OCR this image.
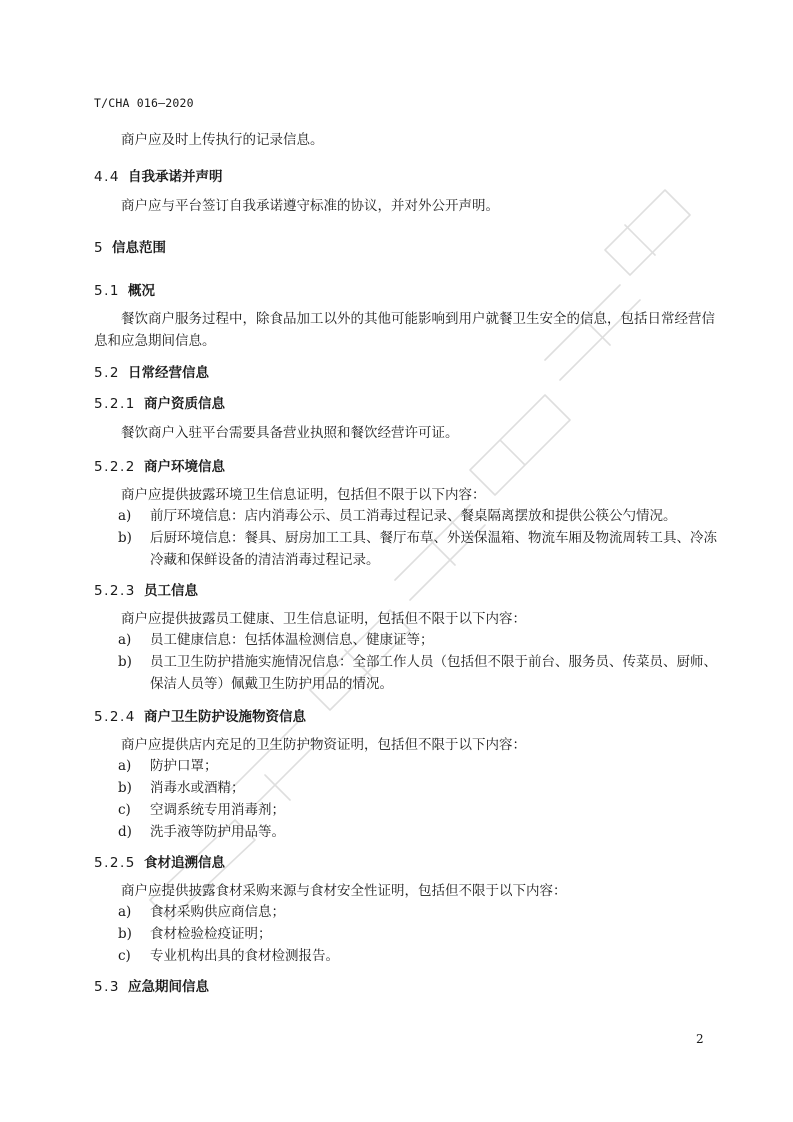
T/CHA 016—2020
商户应及时上传执行的记录信息。
4.4 自我承诺并声明
商户应与平台签订自我承诺遵守标准的协议，并对外公开声明。
5 信息范围
5.1 概况
餐饮商户服务过程中，除食品加工以外的其他可能影响到用户就餐卫生安全的信息，包括日常经营信息和应急期间信息。
5.2 日常经营信息
5.2.1 商户资质信息
餐饮商户入驻平台需要具备营业执照和餐饮经营许可证。
5.2.2 商户环境信息
商户应提供披露环境卫生信息证明，包括但不限于以下内容：
a) 前厅环境信息：店内消毒公示、员工消毒过程记录、餐桌隔离摆放和提供公筷公勺情况。
b) 后厨环境信息：餐具、厨房加工工具、餐厅布草、外送保温箱、物流车厢及物流周转工具、冷冻冷藏和保鲜设备的清洁消毒过程记录。
5.2.3 员工信息
商户应提供披露员工健康、卫生信息证明，包括但不限于以下内容：
a) 员工健康信息：包括体温检测信息、健康证等；
b) 员工卫生防护措施实施情况信息：全部工作人员（包括但不限于前台、服务员、传菜员、厨师、保洁人员等）佩戴卫生防护用品的情况。
5.2.4 商户卫生防护设施物资信息
商户应提供店内充足的卫生防护物资证明，包括但不限于以下内容：
a) 防护口罩；
b) 消毒水或酒精；
c) 空调系统专用消毒剂；
d) 洗手液等防护用品等。
5.2.5 食材追溯信息
商户应提供披露食材采购来源与食材安全性证明，包括但不限于以下内容：
a) 食材采购供应商信息；
b) 食材检验检疫证明；
c) 专业机构出具的食材检测报告。
5.3 应急期间信息
2
